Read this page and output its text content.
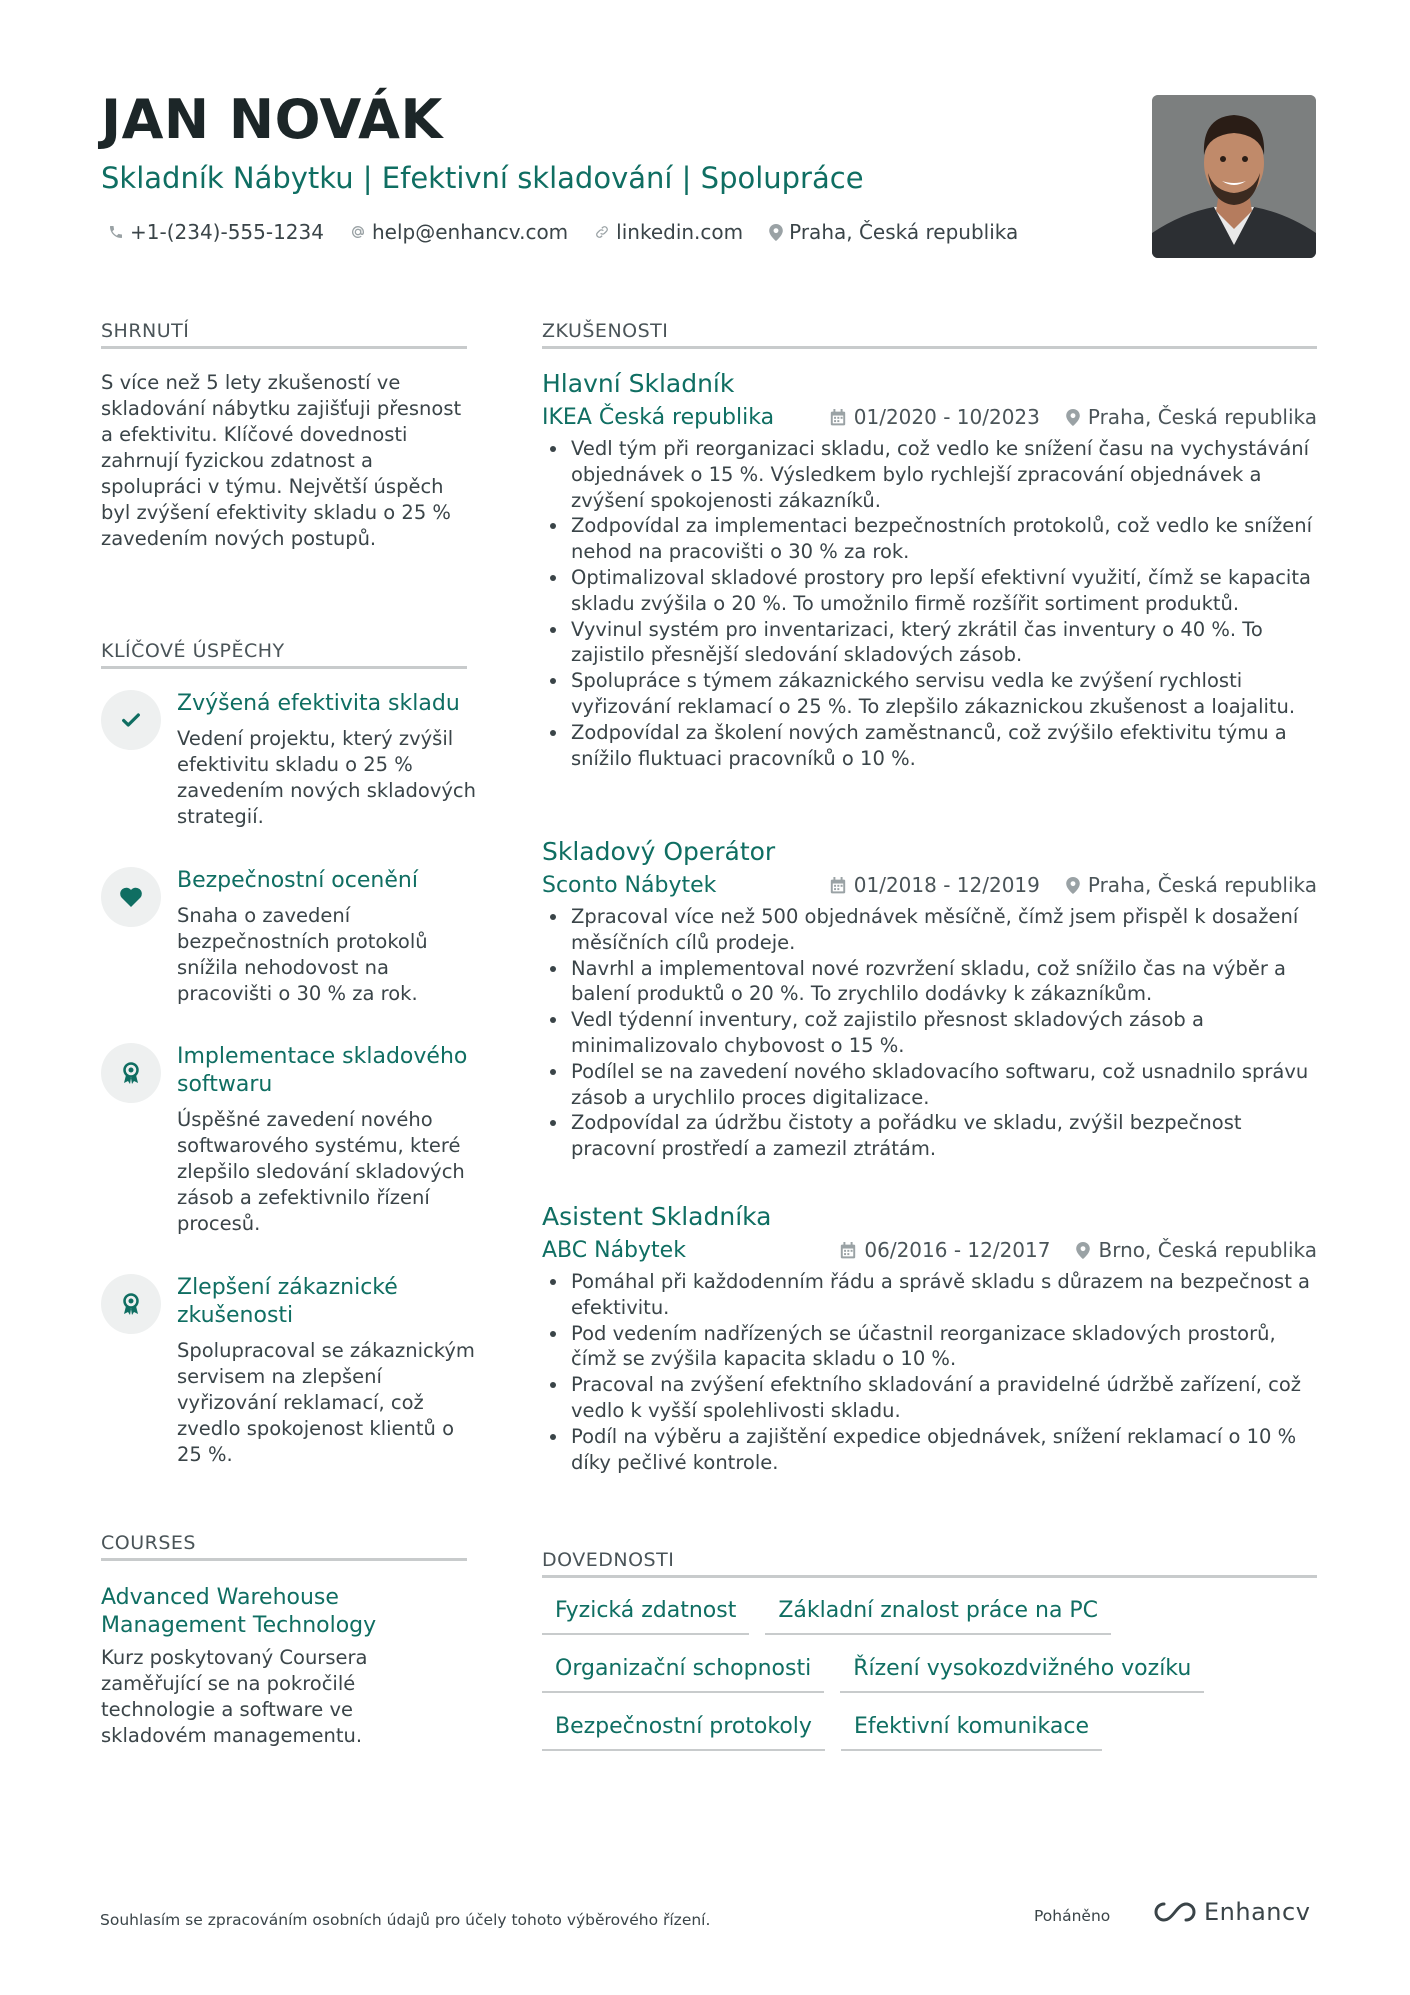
JAN NOVÁK
Skladník Nábytku | Efektivní skladování | Spolupráce
+1-(234)-555-1234 help@enhancv.com linkedin.com Praha, Česká republika
SHRNUTÍ
S více než 5 lety zkušeností ve skladování nábytku zajišťuji přesnost a efektivitu. Klíčové dovednosti zahrnují fyzickou zdatnost a spolupráci v týmu. Největší úspěch byl zvýšení efektivity skladu o 25 % zavedením nových postupů.
KLÍČOVÉ ÚSPĚCHY
Zvýšená efektivita skladu
Vedení projektu, který zvýšil efektivitu skladu o 25 % zavedením nových skladových strategií.
Bezpečnostní ocenění
Snaha o zavedení bezpečnostních protokolů snížila nehodovost na pracovišti o 30 % za rok.
Implementace skladového softwaru
Úspěšné zavedení nového softwarového systému, které zlepšilo sledování skladových zásob a zefektivnilo řízení procesů.
Zlepšení zákaznické zkušenosti
Spolupracoval se zákaznickým servisem na zlepšení vyřizování reklamací, což zvedlo spokojenost klientů o 25 %.
COURSES
Advanced Warehouse Management Technology
Kurz poskytovaný Coursera zaměřující se na pokročilé technologie a software ve skladovém managementu.
ZKUŠENOSTI
Hlavní Skladník
IKEA Česká republika	01/2020 - 10/2023 Praha, Česká republika
Vedl tým při reorganizaci skladu, což vedlo ke snížení času na vychystávání objednávek o 15 %. Výsledkem bylo rychlejší zpracování objednávek a zvýšení spokojenosti zákazníků.
Zodpovídal za implementaci bezpečnostních protokolů, což vedlo ke snížení nehod na pracovišti o 30 % za rok.
Optimalizoval skladové prostory pro lepší efektivní využití, čímž se kapacita skladu zvýšila o 20 %. To umožnilo firmě rozšířit sortiment produktů.
Vyvinul systém pro inventarizaci, který zkrátil čas inventury o 40 %. To zajistilo přesnější sledování skladových zásob.
Spolupráce s týmem zákaznického servisu vedla ke zvýšení rychlosti vyřizování reklamací o 25 %. To zlepšilo zákaznickou zkušenost a loajalitu.
Zodpovídal za školení nových zaměstnanců, což zvýšilo efektivitu týmu a snížilo fluktuaci pracovníků o 10 %.
Skladový Operátor
Sconto Nábytek	01/2018 - 12/2019 Praha, Česká republika
Zpracoval více než 500 objednávek měsíčně, čímž jsem přispěl k dosažení měsíčních cílů prodeje.
Navrhl a implementoval nové rozvržení skladu, což snížilo čas na výběr a balení produktů o 20 %. To zrychlilo dodávky k zákazníkům.
Vedl týdenní inventury, což zajistilo přesnost skladových zásob a minimalizovalo chybovost o 15 %.
Podílel se na zavedení nového skladovacího softwaru, což usnadnilo správu zásob a urychlilo proces digitalizace.
Zodpovídal za údržbu čistoty a pořádku ve skladu, zvýšil bezpečnost pracovní prostředí a zamezil ztrátám.
Asistent Skladníka
ABC Nábytek	06/2016 - 12/2017 Brno, Česká republika
Pomáhal při každodenním řádu a správě skladu s důrazem na bezpečnost a efektivitu.
Pod vedením nadřízených se účastnil reorganizace skladových prostorů, čímž se zvýšila kapacita skladu o 10 %.
Pracoval na zvýšení efektního skladování a pravidelné údržbě zařízení, což vedlo k vyšší spolehlivosti skladu.
Podíl na výběru a zajištění expedice objednávek, snížení reklamací o 10 % díky pečlivé kontrole.
DOVEDNOSTI
Fyzická zdatnost	Základní znalost práce na PC
Organizační schopnosti	Řízení vysokozdvižného vozíku
Bezpečnostní protokoly	Efektivní komunikace
Souhlasím se zpracováním osobních údajů pro účely tohoto výběrového řízení.	Poháněno	Enhancv
